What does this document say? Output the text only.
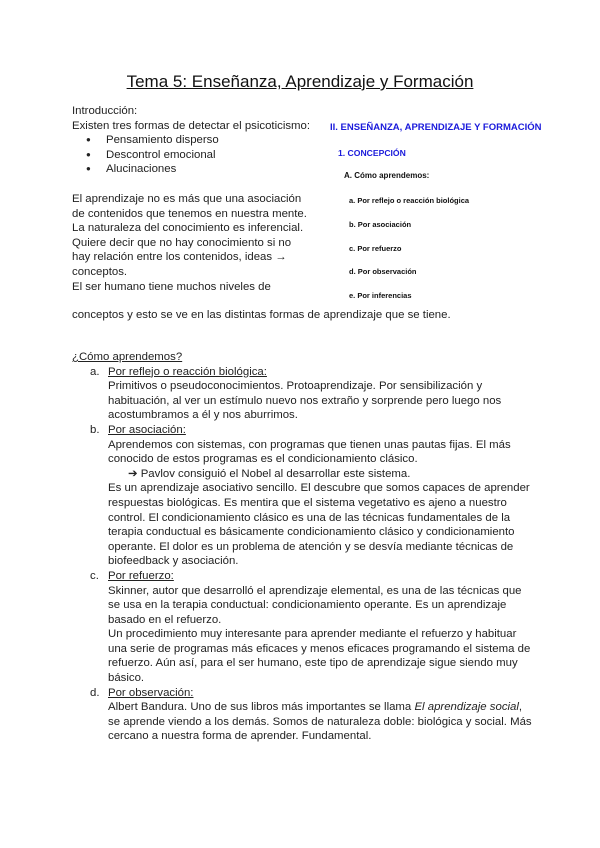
Tema 5: Enseñanza, Aprendizaje y Formación

Introducción:

Existen tres formas de detectar el psicoticismo:

● Pensamiento disperso
● Descontrol emocional
● Alucinaciones

El aprendizaje no es más que una asociación de contenidos que tenemos en nuestra mente.

La naturaleza del conocimiento es inferencial. Quiere decir que no hay conocimiento si no hay relación entre los contenidos, ideas → conceptos.

El ser humano tiene muchos niveles de

conceptos y esto se ve en las distintas formas de aprendizaje que se tiene.

II. ENSEÑANZA, APRENDIZAJE Y FORMACIÓN
1. CONCEPCIÓN
A. Cómo aprendemos:
a. Por reflejo o reacción biológica
b. Por asociación
c. Por refuerzo
d. Por observación
e. Por inferencias

¿Cómo aprendemos?

a. Por reflejo o reacción biológica:

Primitivos o pseudoconocimientos. Protoaprendizaje. Por sensibilización y habituación, al ver un estímulo nuevo nos extraño y sorprende pero luego nos acostumbramos a él y nos aburrimos.

b. Por asociación:

Aprendemos con sistemas, con programas que tienen unas pautas fijas. El más conocido de estos programas es el condicionamiento clásico.

➔ Pavlov consiguió el Nobel al desarrollar este sistema.

Es un aprendizaje asociativo sencillo. El descubre que somos capaces de aprender respuestas biológicas. Es mentira que el sistema vegetativo es ajeno a nuestro control. El condicionamiento clásico es una de las técnicas fundamentales de la terapia conductual es básicamente condicionamiento clásico y condicionamiento operante. El dolor es un problema de atención y se desvía mediante técnicas de biofeedback y asociación.

c. Por refuerzo:

Skinner, autor que desarrolló el aprendizaje elemental, es una de las técnicas que se usa en la terapia conductual: condicionamiento operante. Es un aprendizaje basado en el refuerzo.

Un procedimiento muy interesante para aprender mediante el refuerzo y habituar una serie de programas más eficaces y menos eficaces programando el sistema de refuerzo. Aún así, para el ser humano, este tipo de aprendizaje sigue siendo muy básico.

d. Por observación:

Albert Bandura. Uno de sus libros más importantes se llama El aprendizaje social, se aprende viendo a los demás. Somos de naturaleza doble: biológica y social. Más cercano a nuestra forma de aprender. Fundamental.
